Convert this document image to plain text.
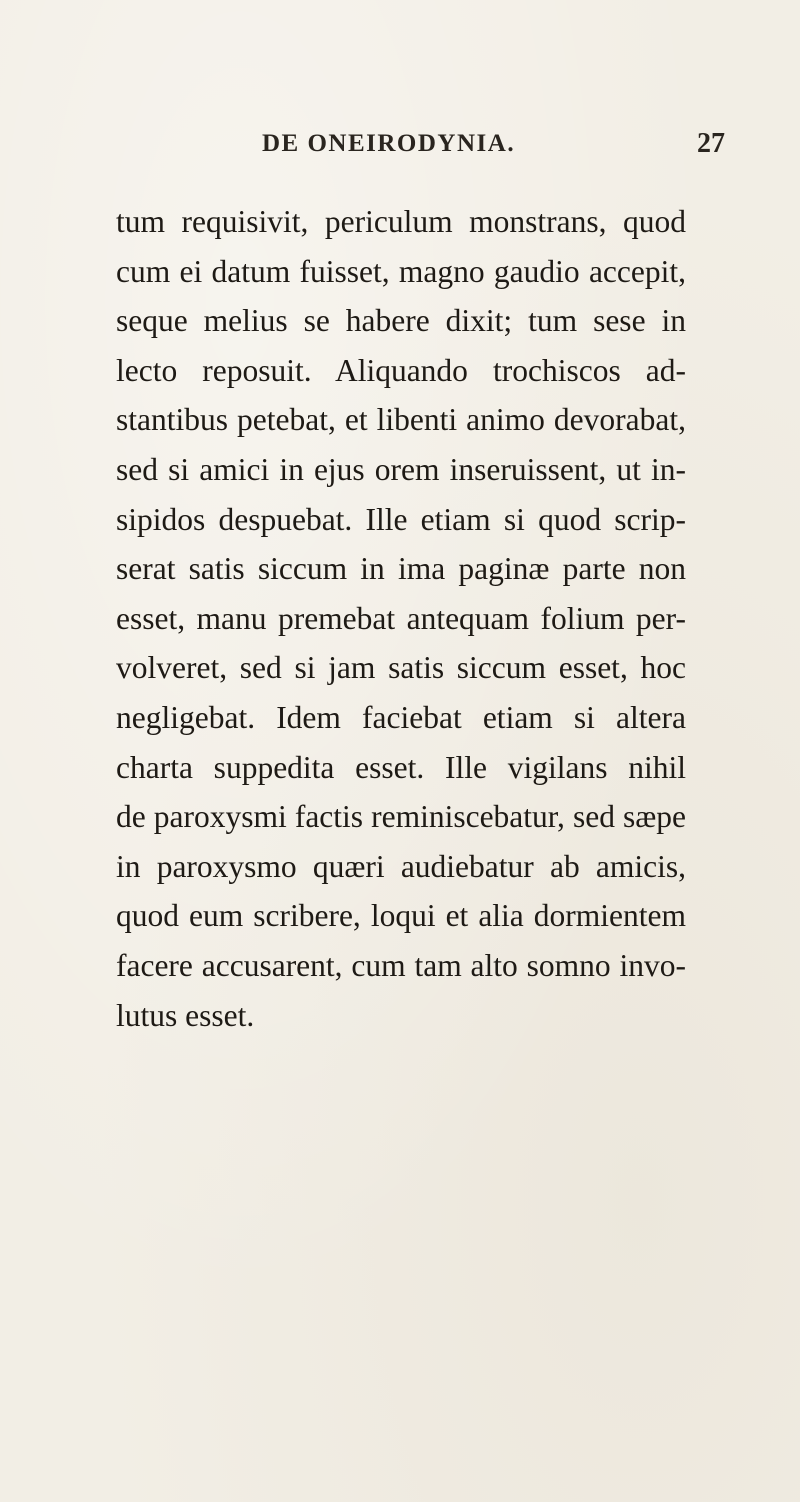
DE ONEIRODYNIA.	27
tum requisivit, periculum monstrans, quod
cum ei datum fuisset, magno gaudio accepit,
seque melius se habere dixit; tum sese in
lecto reposuit. Aliquando trochiscos ad-
stantibus petebat, et libenti animo devorabat,
sed si amici in ejus orem inseruissent, ut in-
sipidos despuebat. Ille etiam si quod scrip-
serat satis siccum in ima paginæ parte non
esset, manu premebat antequam folium per-
volveret, sed si jam satis siccum esset, hoc
negligebat. Idem faciebat etiam si altera
charta suppedita esset. Ille vigilans nihil
de paroxysmi factis reminiscebatur, sed sæpe
in paroxysmo quæri audiebatur ab amicis,
quod eum scribere, loqui et alia dormientem
facere accusarent, cum tam alto somno invo-
lutus esset.
